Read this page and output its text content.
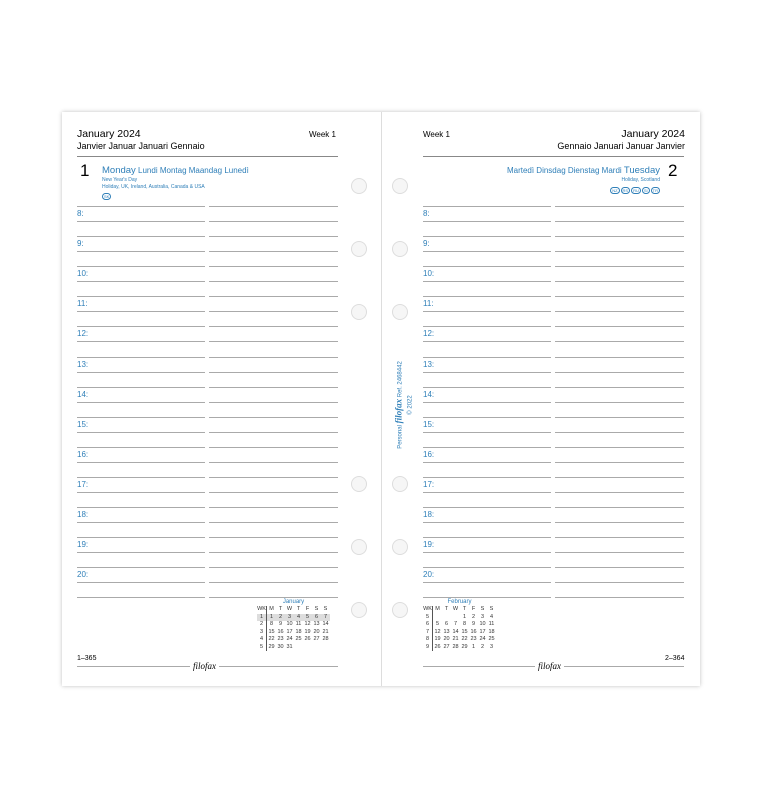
January 2024
Janvier Januar Januari Gennaio
Week 1
1 Monday Lundi Montag Maandag Lunedì
New Year's Day
Holiday, UK, Ireland, Australia, Canada & USA
SK
1–365
filofax
January
WK	M	T	W	T	F	S	S
1	1	2	3	4	5	6	7
2	8	9	10	11	12	13	14
3	15	16	17	18	19	20	21
4	22	23	24	25	26	27	28
5	29	30	31				
Week 1	January 2024
Gennaio Januari Januar Janvier
2
Martedì Dinsdag Dienstag Mardi Tuesday
Holiday, Scotland
NZ RS RU SI TR
2–364
filofax
February
WK	M	T	W	T	F	S	S
5				1	2	3	4
6	5	6	7	8	9	10	11
7	12	13	14	15	16	17	18
8	19	20	21	22	23	24	25
9	26	27	28	29	1	2	3
Personal filofax Ref. 2468442
© 2022
8:
9:
10:
11:
12:
13:
14:
15:
16:
17:
18:
19:
20:
8:
9:
10:
11:
12:
13:
14:
15:
16:
17:
18:
19:
20:
